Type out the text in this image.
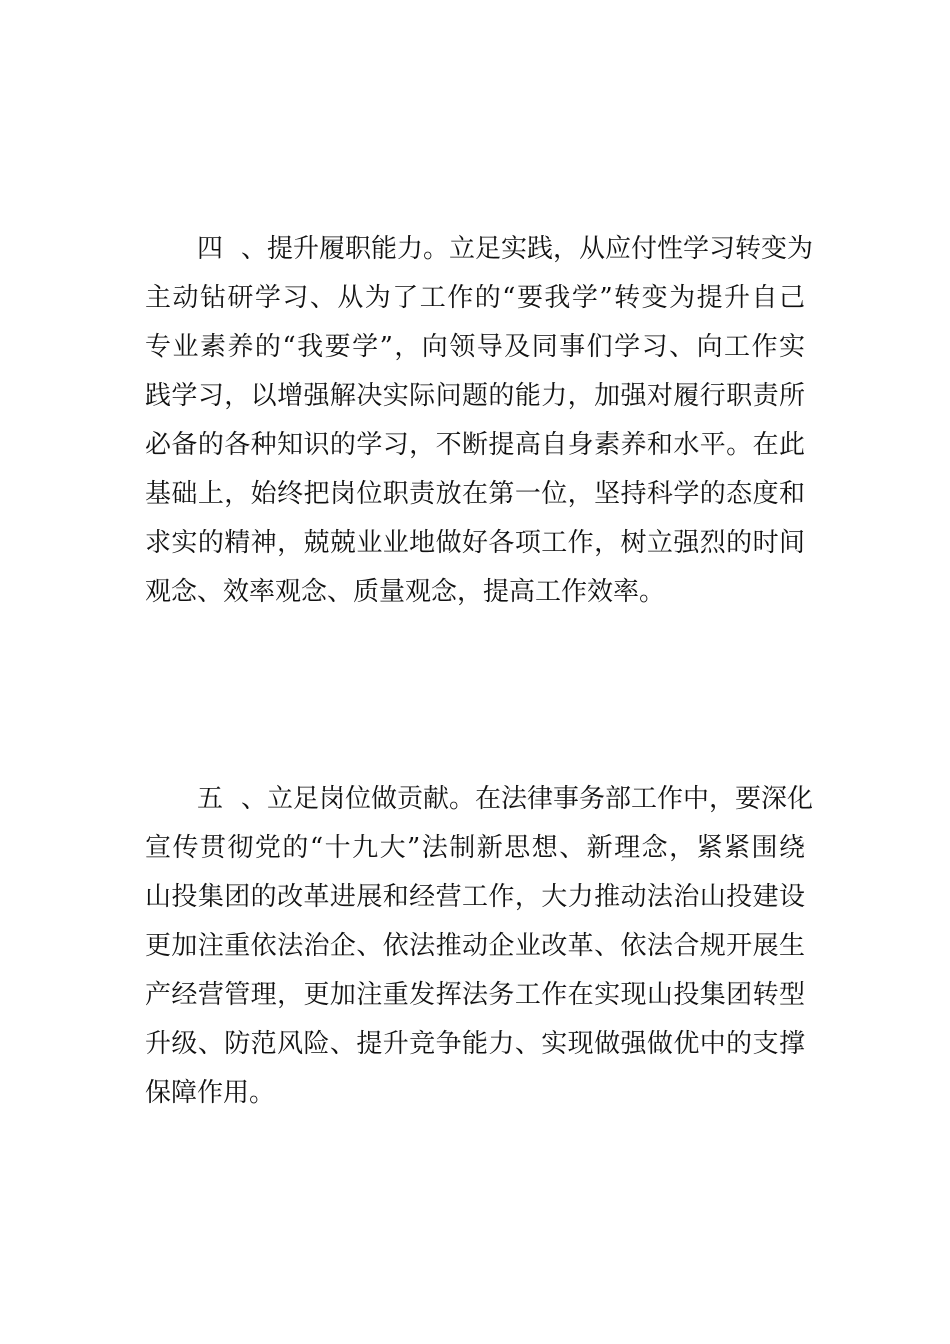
四、提升履职能力。立足实践，从应付性学习转变为
主动钻研学习、从为了工作的“要我学”转变为提升自己
专业素养的“我要学”，向领导及同事们学习、向工作实
践学习，以增强解决实际问题的能力，加强对履行职责所
必备的各种知识的学习，不断提高自身素养和水平。在此
基础上，始终把岗位职责放在第一位，坚持科学的态度和
求实的精神，兢兢业业地做好各项工作，树立强烈的时间
观念、效率观念、质量观念，提高工作效率。
五、立足岗位做贡献。在法律事务部工作中，要深化
宣传贯彻党的“十九大”法制新思想、新理念，紧紧围绕
山投集团的改革进展和经营工作，大力推动法治山投建设
更加注重依法治企、依法推动企业改革、依法合规开展生
产经营管理，更加注重发挥法务工作在实现山投集团转型
升级、防范风险、提升竞争能力、实现做强做优中的支撑
保障作用。
